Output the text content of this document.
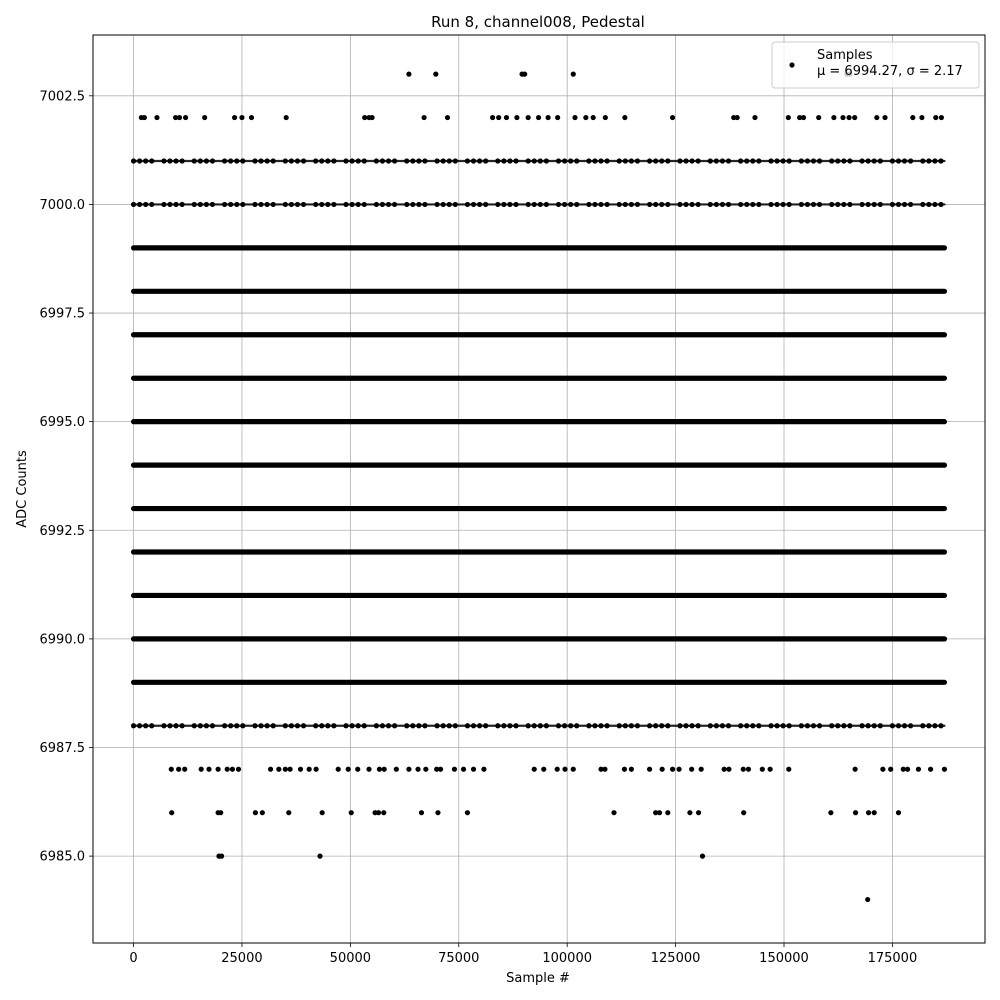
0	25000	50000	75000	100000	125000	150000	175000
6985.0
6987.5
6990.0
6992.5
6995.0
6997.5
7000.0
7002.5
Run 8, channel008, Pedestal
Sample #
ADC Counts
Samples
μ = 6994.27, σ = 2.17
